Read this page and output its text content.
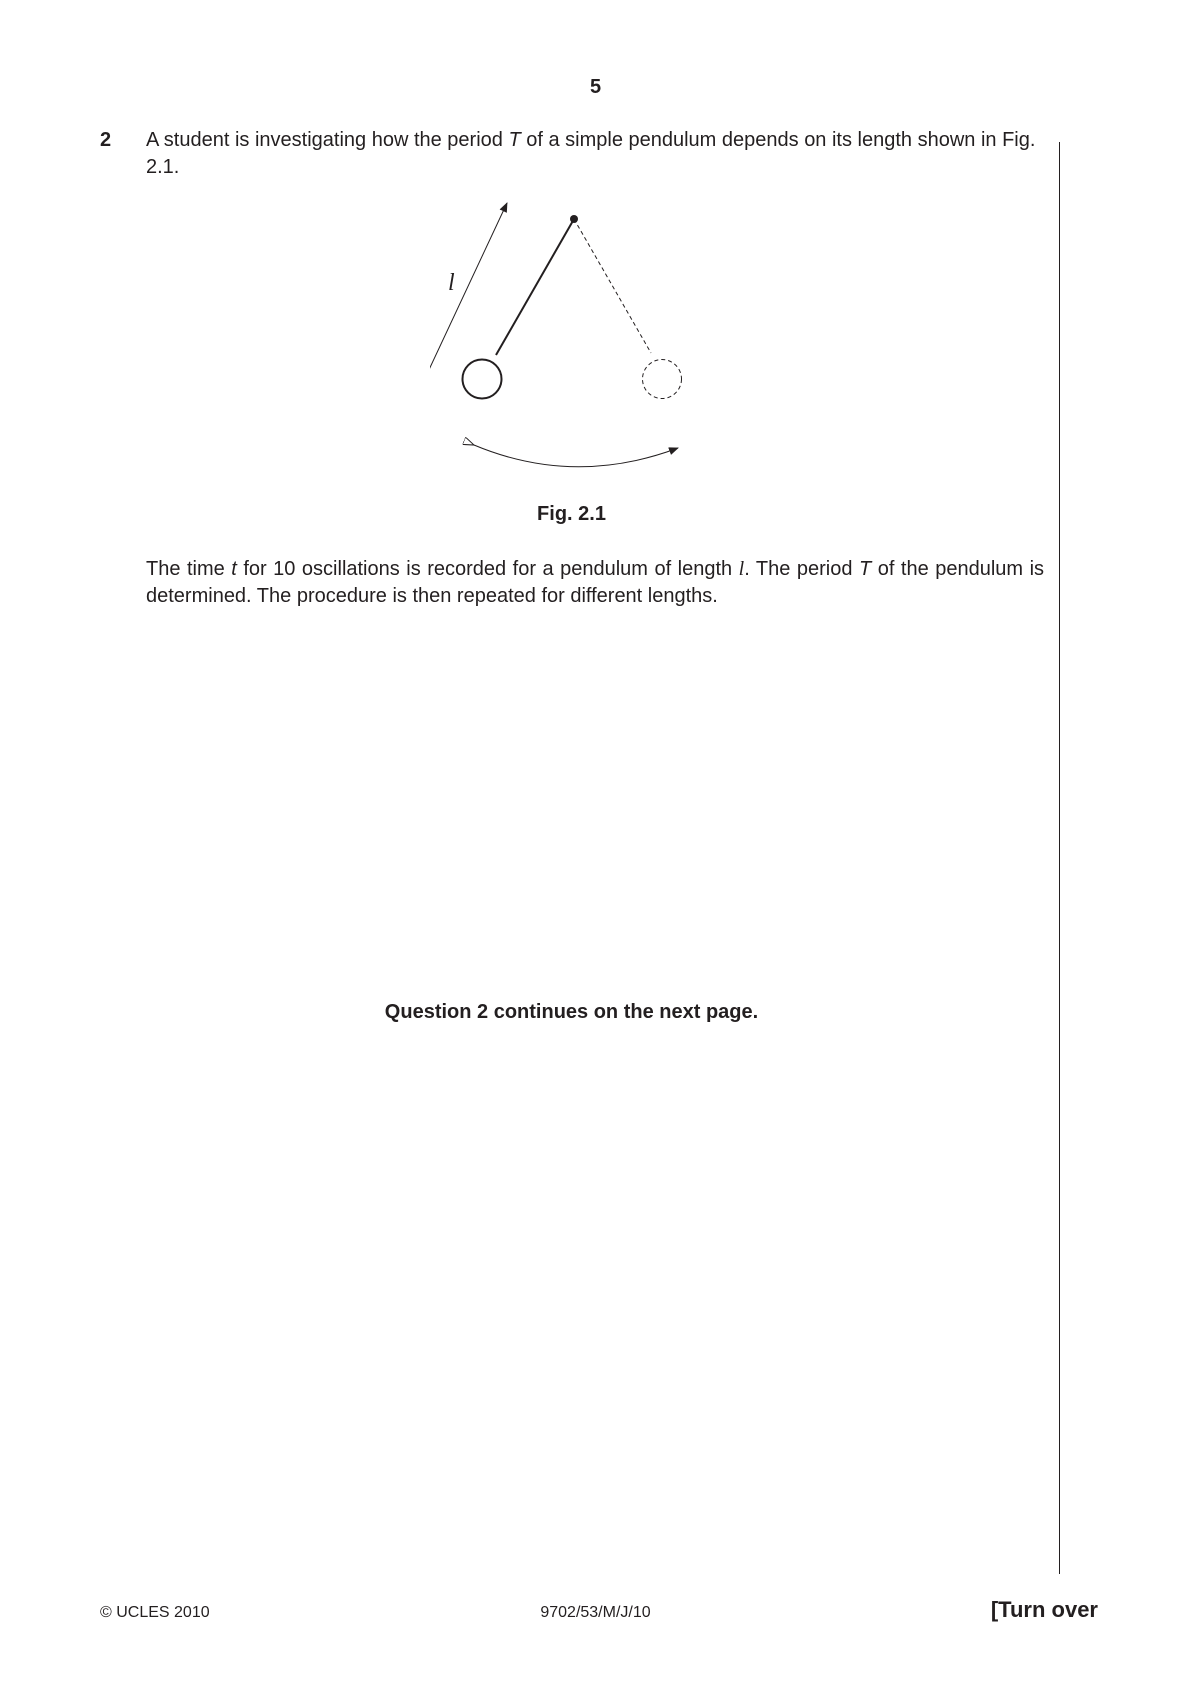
5
2 A student is investigating how the period T of a simple pendulum depends on its length shown in Fig. 2.1.
l
Fig. 2.1
The time t for 10 oscillations is recorded for a pendulum of length l. The period T of the pendulum is determined. The procedure is then repeated for different lengths.
Question 2 continues on the next page.
© UCLES 2010	9702/53/M/J/10	[Turn over
